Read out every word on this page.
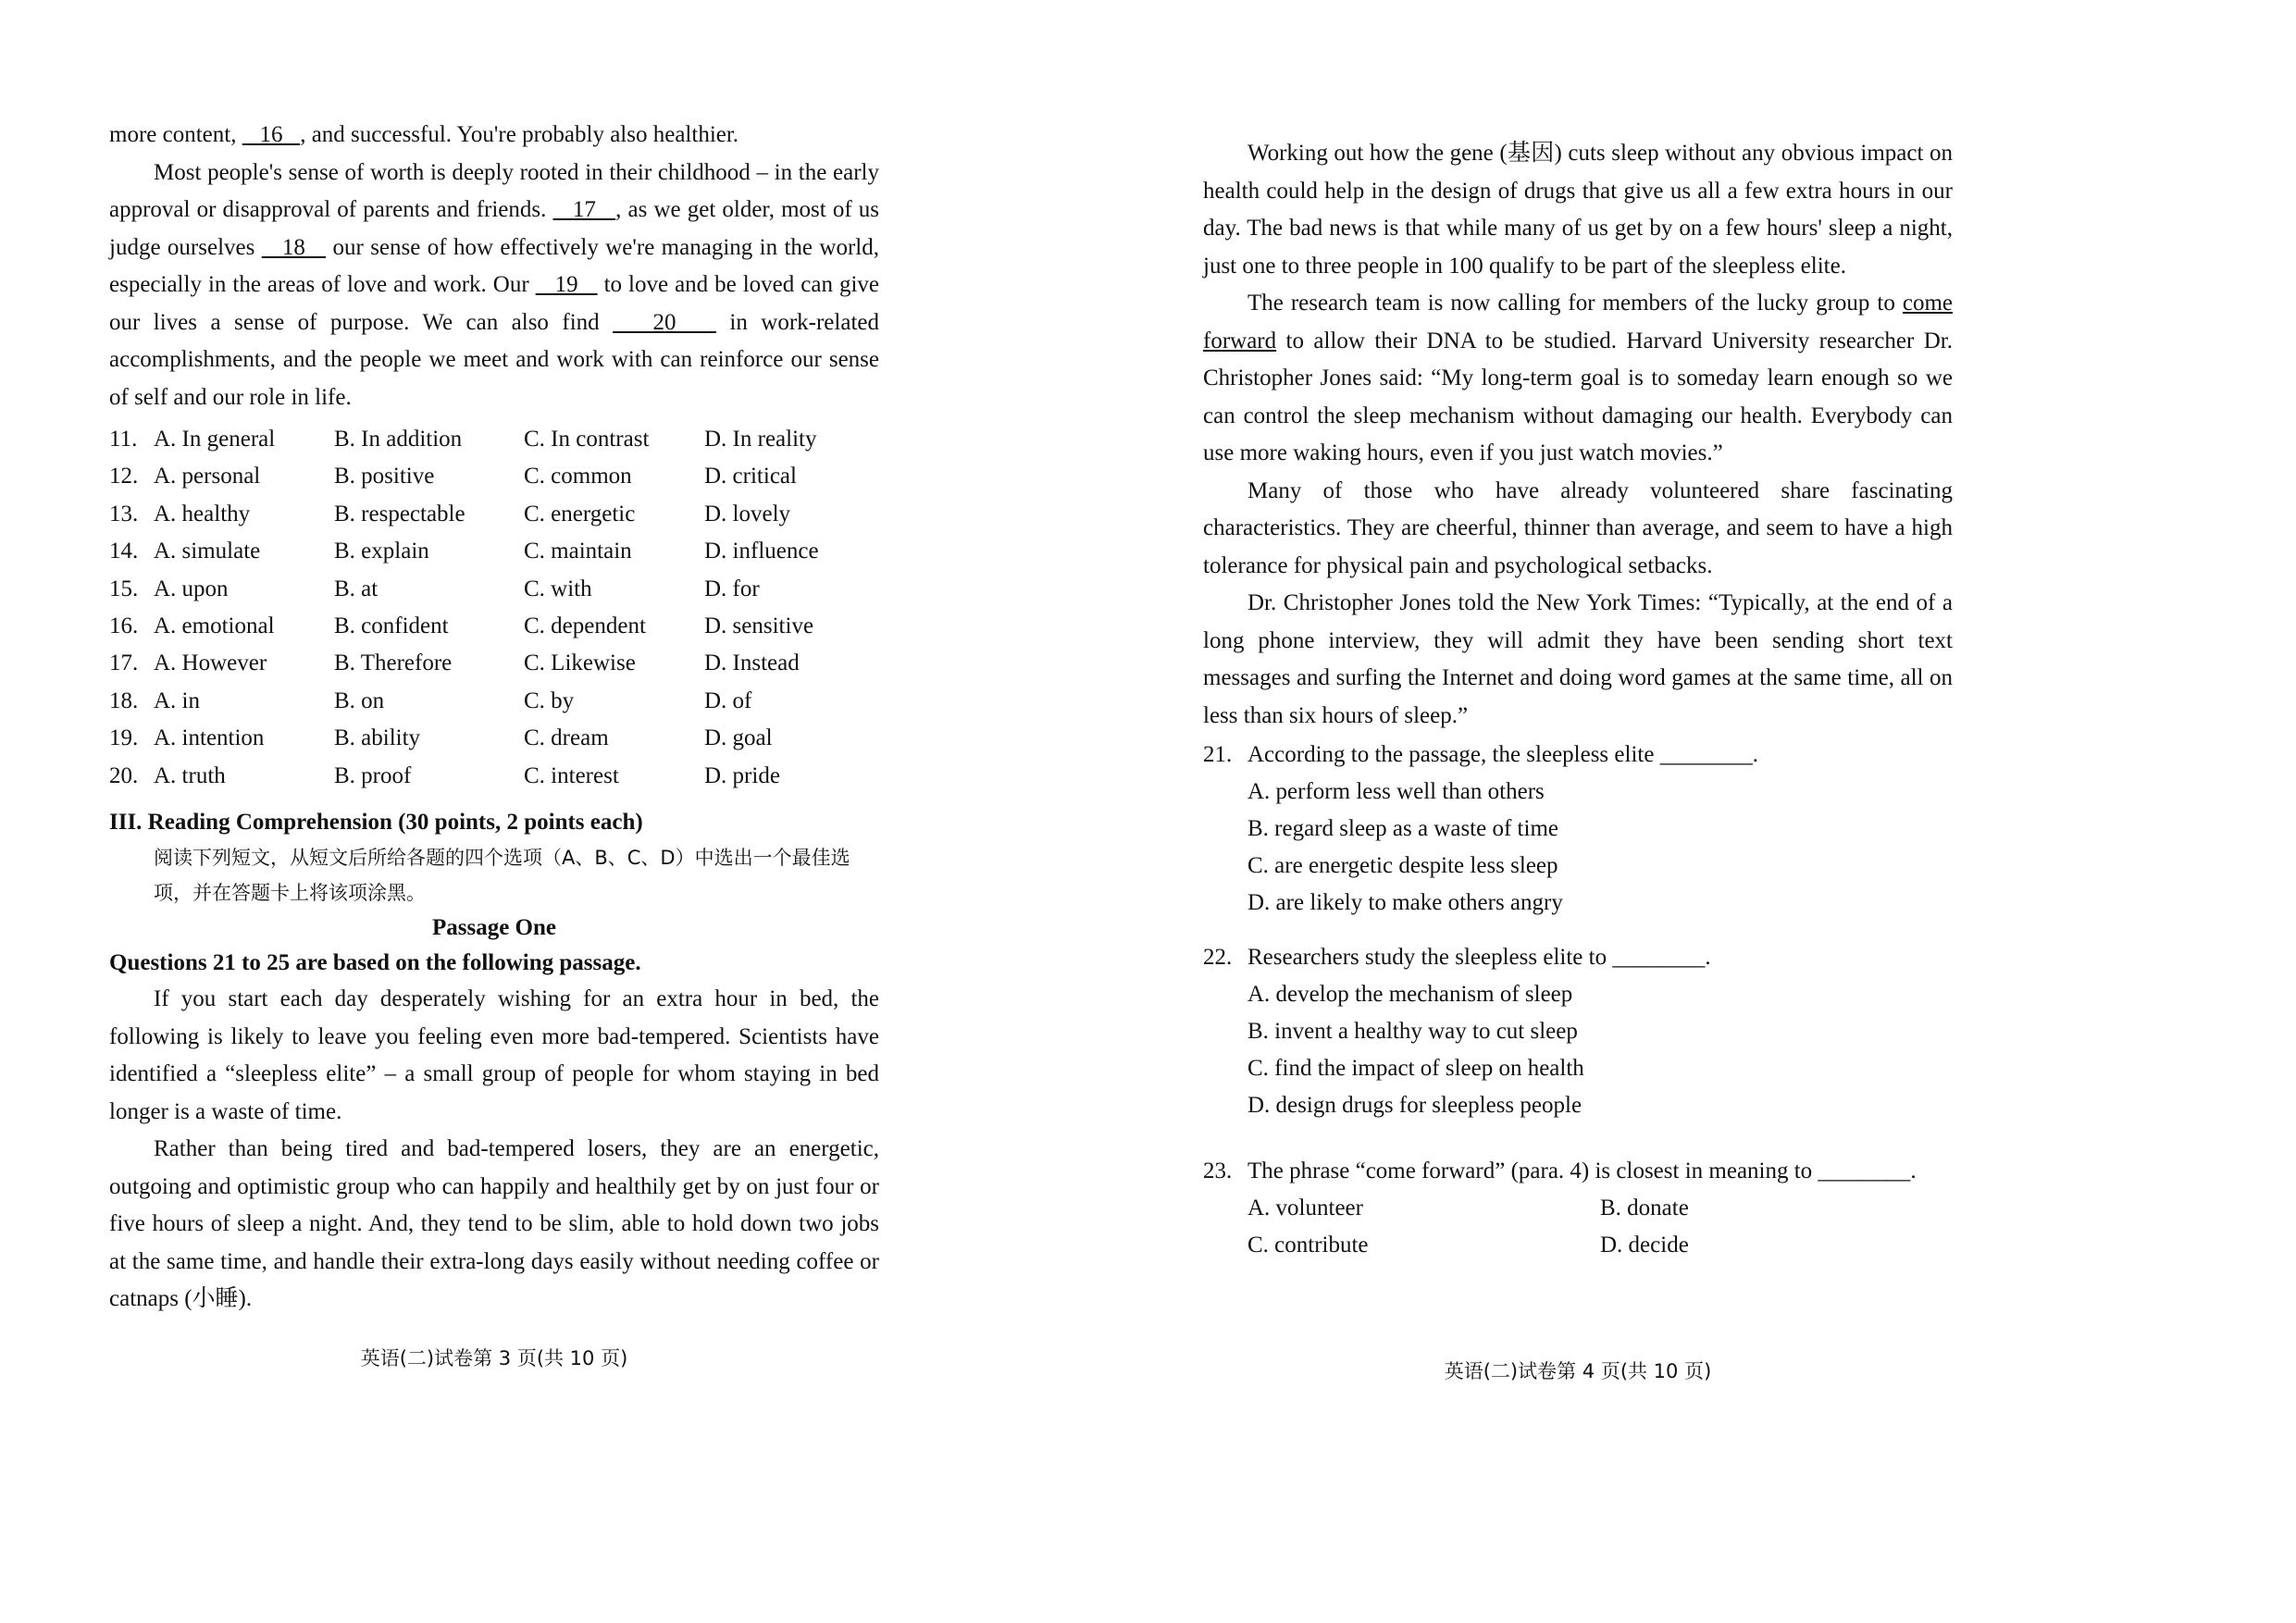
more content,    16   , and successful. You're probably also healthier.

Most people's sense of worth is deeply rooted in their childhood – in the early approval or disapproval of parents and friends.    17   , as we get older, most of us judge ourselves    18    our sense of how effectively we're managing in the world, especially in the areas of love and work. Our    19    to love and be loved can give our lives a sense of purpose. We can also find    20    in work-related accomplishments, and the people we meet and work with can reinforce our sense of self and our role in life.

11. A. In general	B. In addition	C. In contrast	D. In reality
12. A. personal	B. positive	C. common	D. critical
13. A. healthy	B. respectable	C. energetic	D. lovely
14. A. simulate	B. explain	C. maintain	D. influence
15. A. upon	B. at	C. with	D. for
16. A. emotional	B. confident	C. dependent	D. sensitive
17. A. However	B. Therefore	C. Likewise	D. Instead
18. A. in	B. on	C. by	D. of
19. A. intention	B. ability	C. dream	D. goal
20. A. truth	B. proof	C. interest	D. pride

III. Reading Comprehension (30 points, 2 points each)

阅读下列短文，从短文后所给各题的四个选项（A、B、C、D）中选出一个最佳选项，并在答题卡上将该项涂黑。

Passage One

Questions 21 to 25 are based on the following passage.

If you start each day desperately wishing for an extra hour in bed, the following is likely to leave you feeling even more bad-tempered. Scientists have identified a “sleepless elite” – a small group of people for whom staying in bed longer is a waste of time.

Rather than being tired and bad-tempered losers, they are an energetic, outgoing and optimistic group who can happily and healthily get by on just four or five hours of sleep a night. And, they tend to be slim, able to hold down two jobs at the same time, and handle their extra-long days easily without needing coffee or catnaps (小睡).

英语(二)试卷第 3 页(共 10 页)

Working out how the gene (基因) cuts sleep without any obvious impact on health could help in the design of drugs that give us all a few extra hours in our day. The bad news is that while many of us get by on a few hours' sleep a night, just one to three people in 100 qualify to be part of the sleepless elite.

The research team is now calling for members of the lucky group to come forward to allow their DNA to be studied. Harvard University researcher Dr. Christopher Jones said: “My long-term goal is to someday learn enough so we can control the sleep mechanism without damaging our health. Everybody can use more waking hours, even if you just watch movies.”

Many of those who have already volunteered share fascinating characteristics. They are cheerful, thinner than average, and seem to have a high tolerance for physical pain and psychological setbacks.

Dr. Christopher Jones told the New York Times: “Typically, at the end of a long phone interview, they will admit they have been sending short text messages and surfing the Internet and doing word games at the same time, all on less than six hours of sleep.”

21. According to the passage, the sleepless elite ________.
A. perform less well than others
B. regard sleep as a waste of time
C. are energetic despite less sleep
D. are likely to make others angry
22. Researchers study the sleepless elite to ________.
A. develop the mechanism of sleep
B. invent a healthy way to cut sleep
C. find the impact of sleep on health
D. design drugs for sleepless people
23. The phrase “come forward” (para. 4) is closest in meaning to ________.
A. volunteer	B. donate
C. contribute	D. decide
英语(二)试卷第 4 页(共 10 页)
